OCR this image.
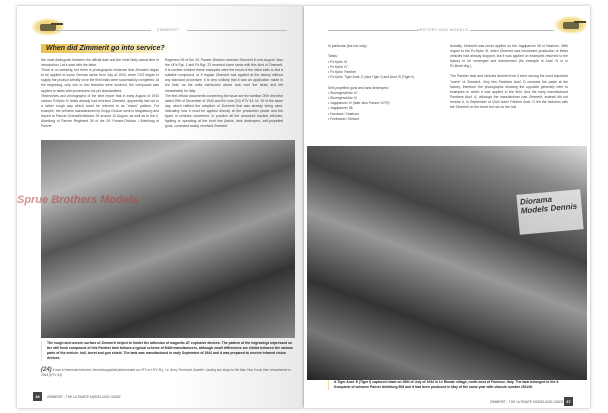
ZIMMERIT
When did Zimmerit go into service?

We must distinguish between the official date and the most likely actual time of introduction. Let's start with the latter.

There is no certainty, but there is photographic evidence that Zimmerit began to be applied to some German tanks from July of 1943, when CKZ began to supply the product serially once the field trials were successfully completed. At the beginning, only one or two factories were involved, the compound was applied to tanks with procedures not yet standardised.

Testimonies and photographs of the time report that in early August of 1943 various PzKpfw IV tanks already had received Zimmerit, apparently laid out in a rather rough way which could be referred to as "chaos" pattern. For example, the vehicles manufactured by Krupp-Gruson werk in Magdeburg and issued to Panzer-Grenadierdivision 25 around 10 August, as well as to the II. Abteilung of Panzer Regiment 26 of the 26. Panzer-Division / Abteilung of Panzer

Regiment 26 of the 26. Panzer-Division received Zimmerit in mid-August. Also the LiPz.Rgt. 1 and Pz.Rgt. 23 received some tanks with this kind of Zimmerit. It is unclear whether these examples were the result of the initial trials to find a suitable compound, or if regular Zimmerit was applied at the factory without any standard procedure. It is very unlikely that it was an application made in the field, as the units mentioned above took over the tanks and left immediately for Italy.

The first official documents concerning the issue are the familiar OKH directive dated 29th of December of 1943 and the note (24) HTV 44, Nr. 30 of the same day, which ratified the adoption of Zimmerit that was already being used, indicating how it must be applied directly at the production plants and the types of vehicles concerned. In practice all the armoured tracked vehicles, fighting or operating at the front line (tanks, tank destroyers, self-propelled guns, command tanks) received Zimmerit.

Sprue Brothers Models
The rough and uneven surface of Zimmerit helped to hinder the adhesion of magnetic AT explosive devices. The pattern of the engravings impressed on the still fresh compound of this Panther tank follows a typical scheme of MAN manufacturers, although small differences are visible between the various parts of the vehicle: hull, turret and gun shield. The tank was manufactured in early September of 1944 and it was prepared to receive infrared vision devices.
(24) It was a Heerestechnisches Verordnungsblatt (abbreviated as HTV or HTV Bl.), i.e. Army Technical Gazette. Lasting two steps to the Mar-Year it was then renumbered in 1944 (HTV 44).
46	ZIMMERIT - THE ULTIMATE MODELLING GUIDE
HISTORY AND MODELS
In particular (but not only):

Tanks:
• Pz.Kpfw. III
• Pz.Kpfw. IV
• Pz.Kpfw. Panther
• Pz.Kpfw. Tiger Ausf. E (aka Tiger I) and Ausf. B (Tiger II)

Self-propelled guns and tank destroyers:
• Sturmgeschütz III
• Sturmgeschütz IV
• Jagdpanzer IV (later also Panzer IV/70)
• Jagdpanzer 38
• Hornisse / Nashorn
• Ferdinand / Elefant

Actually, Zimmerit was never applied on the Jagdpanzer 38 or Nashorn. With regard to the Pz.Kpfw. III, when Zimmerit was introduced production of these vehicles had already stopped, but it was applied on examples returned to the factory to be revamped and transformed (for example in Ausf. N or in Pz.Beob.Wg.).

The Panther tank and vehicles derived from it were among the most important "users" of Zimmerit. Very few Panthers Ausf. D received the paste at the factory, therefore the photographs showing the opposite generally refer to examples to which it was applied in the field. And the early manufactured Panthers Ausf. A, although the manufacturer had Zimmerit, instead did not receive it. In September of 1944 some Panther Ausf. G left the factories with the Zimmerit on the turret but not on the hull.

Diorama Models Dennis
A Tiger Ausf. E (Tiger I) captured intact on 30th of July of 1944 in Le Rimate village, north-west of Florence, Italy. The tank belonged to the 3. Kompanie of schwere Panzer Abteilung 508 and it had been produced in May of the same year with chassis number 251190.
ZIMMERIT - THE ULTIMATE MODELLING GUIDE 47
